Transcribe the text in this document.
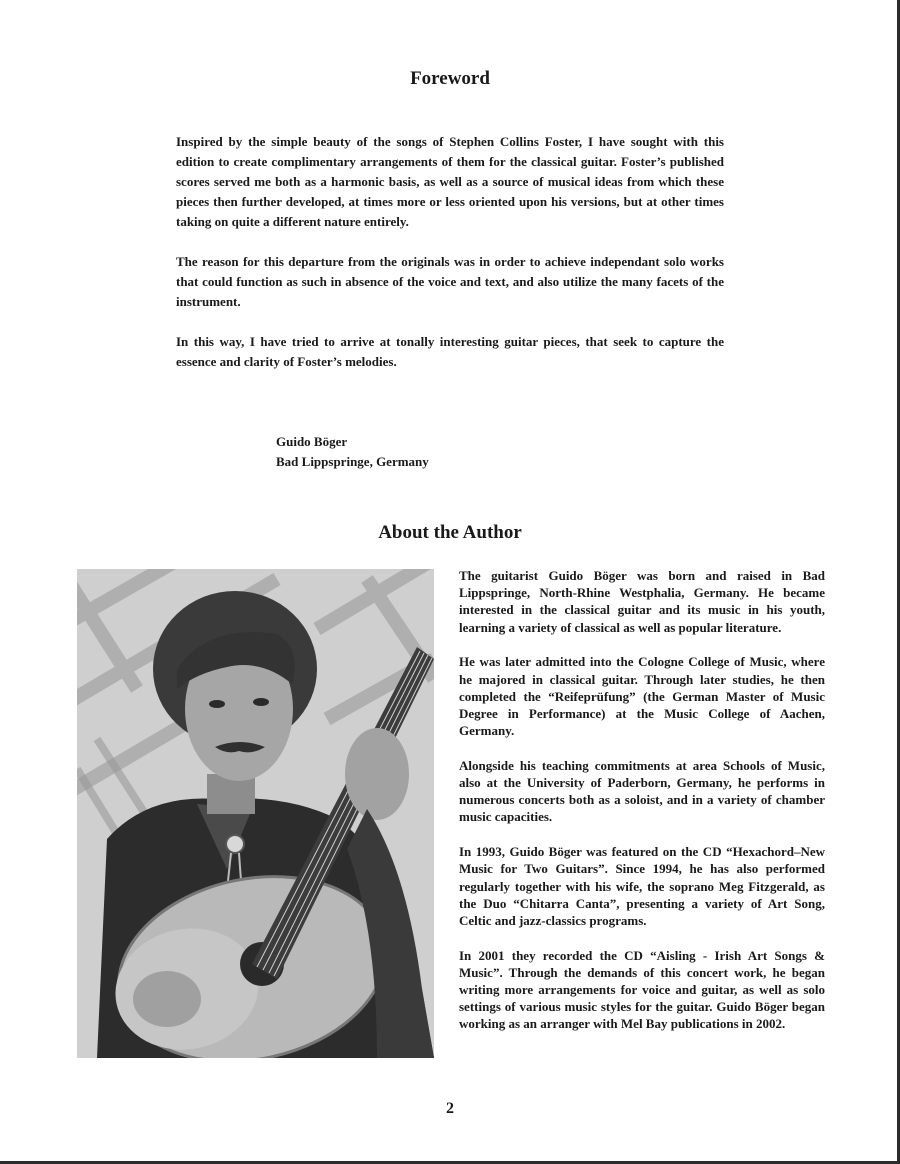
Foreword

Inspired by the simple beauty of the songs of Stephen Collins Foster, I have sought with this edition to create complimentary arrangements of them for the classical guitar. Foster’s published scores served me both as a harmonic basis, as well as a source of musical ideas from which these pieces then further developed, at times more or less oriented upon his versions, but at other times taking on quite a different nature entirely.

The reason for this departure from the originals was in order to achieve independant solo works that could function as such in absence of the voice and text, and also utilize the many facets of the instrument.

In this way, I have tried to arrive at tonally interesting guitar pieces, that seek to capture the essence and clarity of Foster’s melodies.

Guido Böger
Bad Lippspringe, Germany
About the Author

The guitarist Guido Böger was born and raised in Bad Lippspringe, North-Rhine Westphalia, Germany. He became interested in the classical guitar and its music in his youth, learning a variety of classical as well as popular literature.

He was later admitted into the Cologne College of Music, where he majored in classical guitar. Through later studies, he then completed the “Reifeprüfung” (the German Master of Music Degree in Performance) at the Music College of Aachen, Germany.

Alongside his teaching commitments at area Schools of Music, also at the University of Paderborn, Germany, he performs in numerous concerts both as a soloist, and in a variety of chamber music capacities.

In 1993, Guido Böger was featured on the CD “Hexachord–New Music for Two Guitars”. Since 1994, he has also performed regularly together with his wife, the soprano Meg Fitzgerald, as the Duo “Chitarra Canta”, presenting a variety of Art Song, Celtic and jazz-classics programs.

In 2001 they recorded the CD “Aisling - Irish Art Songs & Music”. Through the demands of this concert work, he began writing more arrangements for voice and guitar, as well as solo settings of various music styles for the guitar. Guido Böger began working as an arranger with Mel Bay publications in 2002.

2
